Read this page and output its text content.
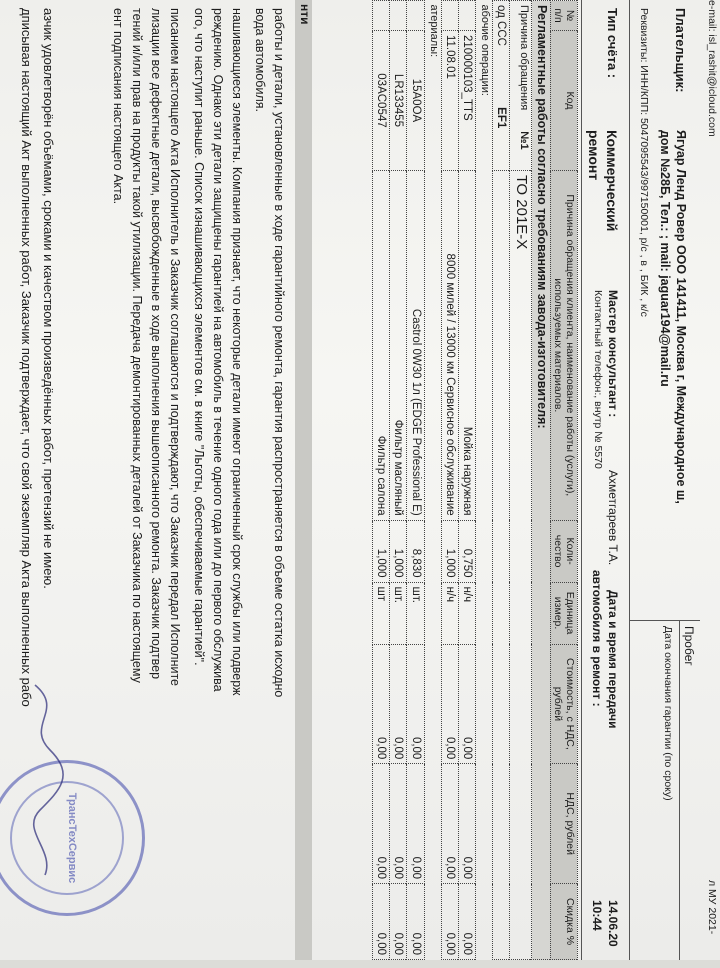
e-mail: isl_rashit@icloud.com
л МУ 2021-
Плательщик:
Ягуар Ленд Ровер ООО 141411, Москва г, Международное ш,
дом №28Б, Тел.: ; mail: jaguar194@mail.ru
Реквизиты: ИНН/КПП: 5047095543/997150001, р/с , в , БИК , к/с
Пробег
Дата окончания гарантии (по сроку)
Тип счёта :
Коммерческий
ремонт
Мастер консультант :
Ахметгареев Т.А.
Контактный телефон:, внутр № 5570
Дата и время передачи
14.06.20
автомобиля в ремонт :
10:44
№ п/п	Код	Причина обращения клиента, наименование работы (услуги), используемых материалов.	Коли-чество	Единица измер.	Стоимость, с НДС, рублей	НДС, рублей	Скидка %
Регламентные работы согласно требованиям завода-изготовителя:							
Причина обращения №1		ТО 201Е-Х					
од ССС EF1							
абочие операции:							
	210000103_TTS	Мойка наружная	0,750	н/ч	0,00	0,00	0,00
	11.08.01	8000 милей / 13000 км Сервисное обслуживание	1,000	н/ч	0,00	0,00	0,00
атериалы:							
	15A0OA	Castrol 0W30 1л (EDGE Professional E)	8,830	шт.	0,00	0,00	0,00
	LR133455	Фильтр масляный	1,000	шт.	0,00	0,00	0,00
	03AC0547	Фильтр салона	1,000	шт	0,00	0,00	0,00
нти
работы и детали, установленные в ходе гарантийного ремонта, гарантия распространяется в объеме остатка исходно
вода автомобиля.
нашивающиеся элементы. Компания признает, что некоторые детали имеют ограниченный срок службы или подверж
реждению. Однако эти детали защищены гарантией на автомобиль в течение одного года или до первого обслужива
ого, что наступит раньше. Список изнашивающихся элементов см. в книге "Льготы, обеспечиваемые гарантией".
писанием настоящего Акта Исполнитель и Заказчик соглашаются и подтверждают, что Заказчик передал Исполните
лизации все дефектные детали, высвобожденные в ходе выполнения вышеописанного ремонта. Заказчик подтвер
тений и/или прав на продукты такой утилизации. Передача демонтированных деталей от Заказчика по настоящему
ент подписания настоящего Акта.
азчик удовлетворён объёмами, сроками и качеством произведённых работ, претензий не имею.
дписывая настоящий Акт выполненных работ, Заказчик подтверждает, что свой экземпляр Акта выполненных рабо
ТрансТехСервис
